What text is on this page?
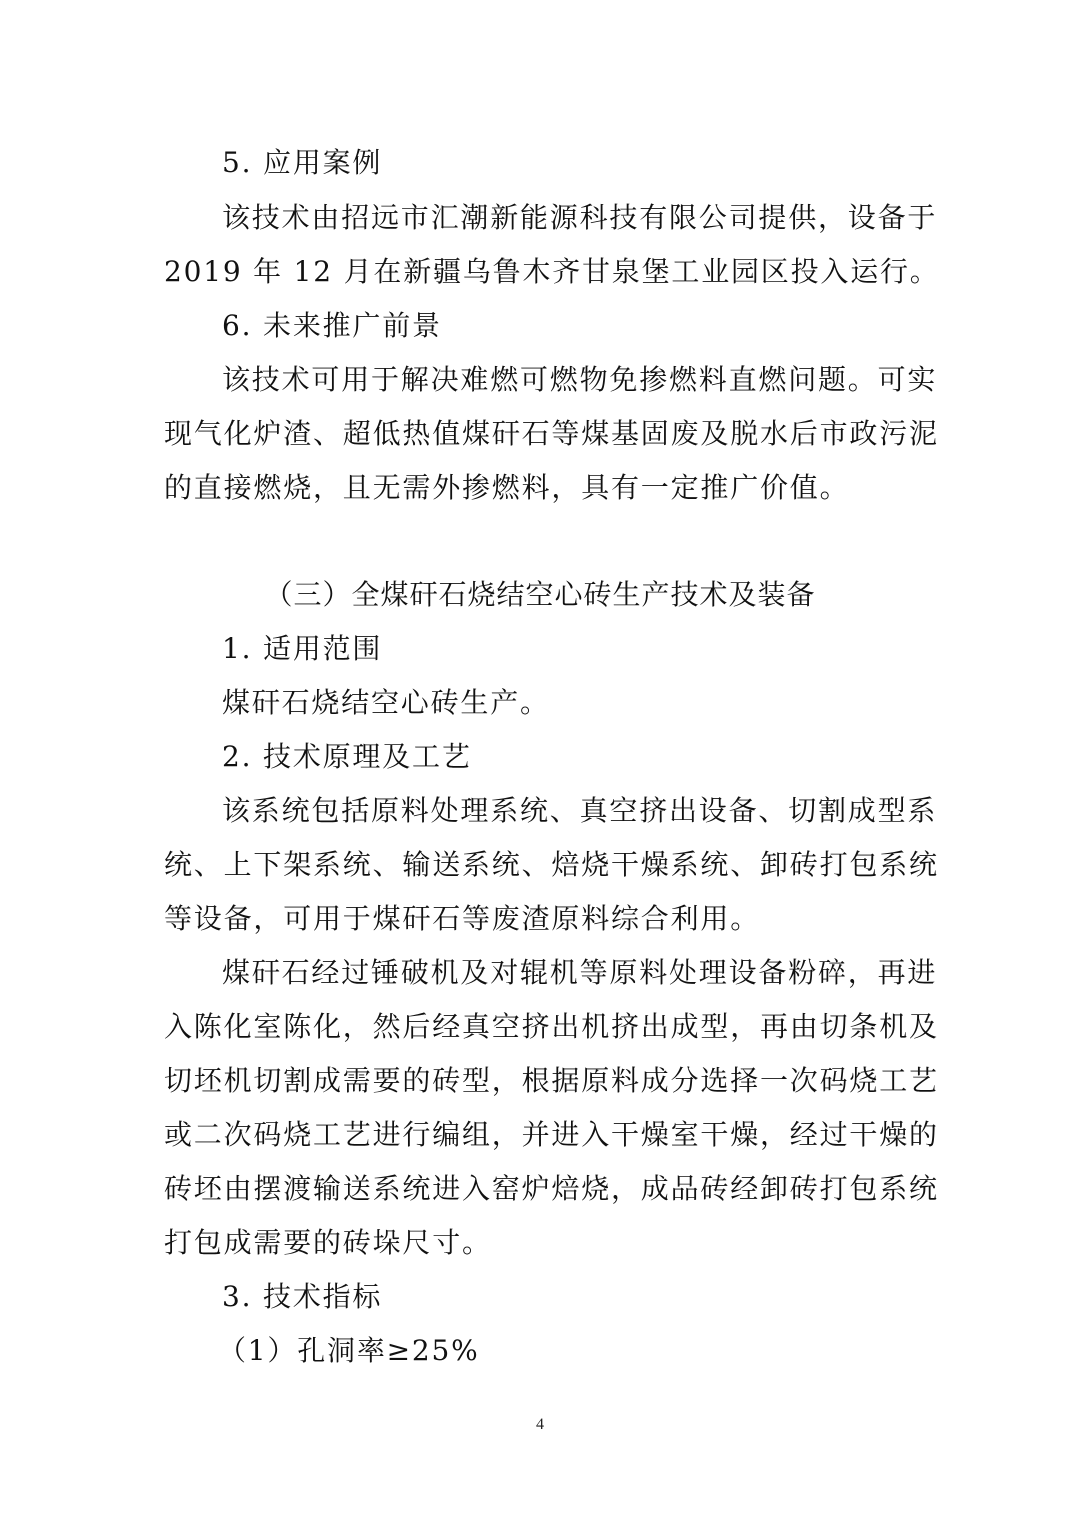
5. 应用案例
该技术由招远市汇潮新能源科技有限公司提供，设备于
2019 年 12 月在新疆乌鲁木齐甘泉堡工业园区投入运行。
6. 未来推广前景
该技术可用于解决难燃可燃物免掺燃料直燃问题。可实
现气化炉渣、超低热值煤矸石等煤基固废及脱水后市政污泥
的直接燃烧，且无需外掺燃料，具有一定推广价值。
（三）全煤矸石烧结空心砖生产技术及装备
1. 适用范围
煤矸石烧结空心砖生产。
2. 技术原理及工艺
该系统包括原料处理系统、真空挤出设备、切割成型系
统、上下架系统、输送系统、焙烧干燥系统、卸砖打包系统
等设备，可用于煤矸石等废渣原料综合利用。
煤矸石经过锤破机及对辊机等原料处理设备粉碎，再进
入陈化室陈化，然后经真空挤出机挤出成型，再由切条机及
切坯机切割成需要的砖型，根据原料成分选择一次码烧工艺
或二次码烧工艺进行编组，并进入干燥室干燥，经过干燥的
砖坯由摆渡输送系统进入窑炉焙烧，成品砖经卸砖打包系统
打包成需要的砖垛尺寸。
3. 技术指标
（1）孔洞率≥25%
4
